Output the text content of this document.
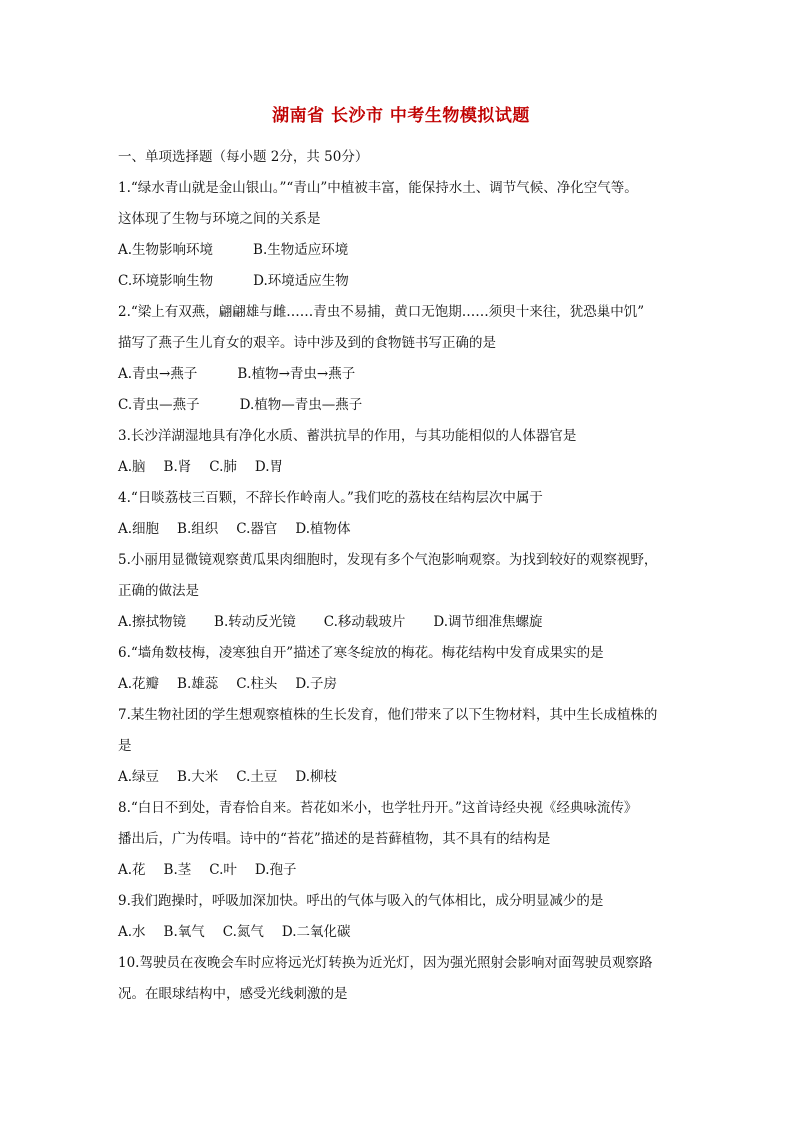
湖南省 长沙市 中考生物模拟试题
一、单项选择题（每小题 2分，共 50分）
1.“绿水青山就是金山银山。”“青山”中植被丰富，能保持水土、调节气候、净化空气等。
这体现了生物与环境之间的关系是
A.生物影响环境	B.生物适应环境
C.环境影响生物	D.环境适应生物
2.“梁上有双燕，翩翩雄与雌……青虫不易捕，黄口无饱期……须臾十来往，犹恐巢中饥”
描写了燕子生儿育女的艰辛。诗中涉及到的食物链书写正确的是
A.青虫→燕子	B.植物→青虫→燕子
C.青虫—燕子	D.植物—青虫—燕子
3.长沙洋湖湿地具有净化水质、蓄洪抗旱的作用，与其功能相似的人体器官是
A.脑 B.肾 C.肺 D.胃
4.“日啖荔枝三百颗，不辞长作岭南人。”我们吃的荔枝在结构层次中属于
A.细胞 B.组织 C.器官 D.植物体
5.小丽用显微镜观察黄瓜果肉细胞时，发现有多个气泡影响观察。为找到较好的观察视野，
正确的做法是
A.擦拭物镜 B.转动反光镜 C.移动载玻片 D.调节细准焦螺旋
6.“墙角数枝梅，凌寒独自开”描述了寒冬绽放的梅花。梅花结构中发育成果实的是
A.花瓣 B.雄蕊 C.柱头 D.子房
7.某生物社团的学生想观察植株的生长发育，他们带来了以下生物材料，其中生长成植株的
是
A.绿豆 B.大米 C.土豆 D.柳枝
8.“白日不到处，青春恰自来。苔花如米小，也学牡丹开。”这首诗经央视《经典咏流传》
播出后，广为传唱。诗中的“苔花”描述的是苔藓植物，其不具有的结构是
A.花 B.茎 C.叶 D.孢子
9.我们跑操时，呼吸加深加快。呼出的气体与吸入的气体相比，成分明显减少的是
A.水 B.氧气 C.氮气 D.二氧化碳
10.驾驶员在夜晚会车时应将远光灯转换为近光灯，因为强光照射会影响对面驾驶员观察路
况。在眼球结构中，感受光线刺激的是
